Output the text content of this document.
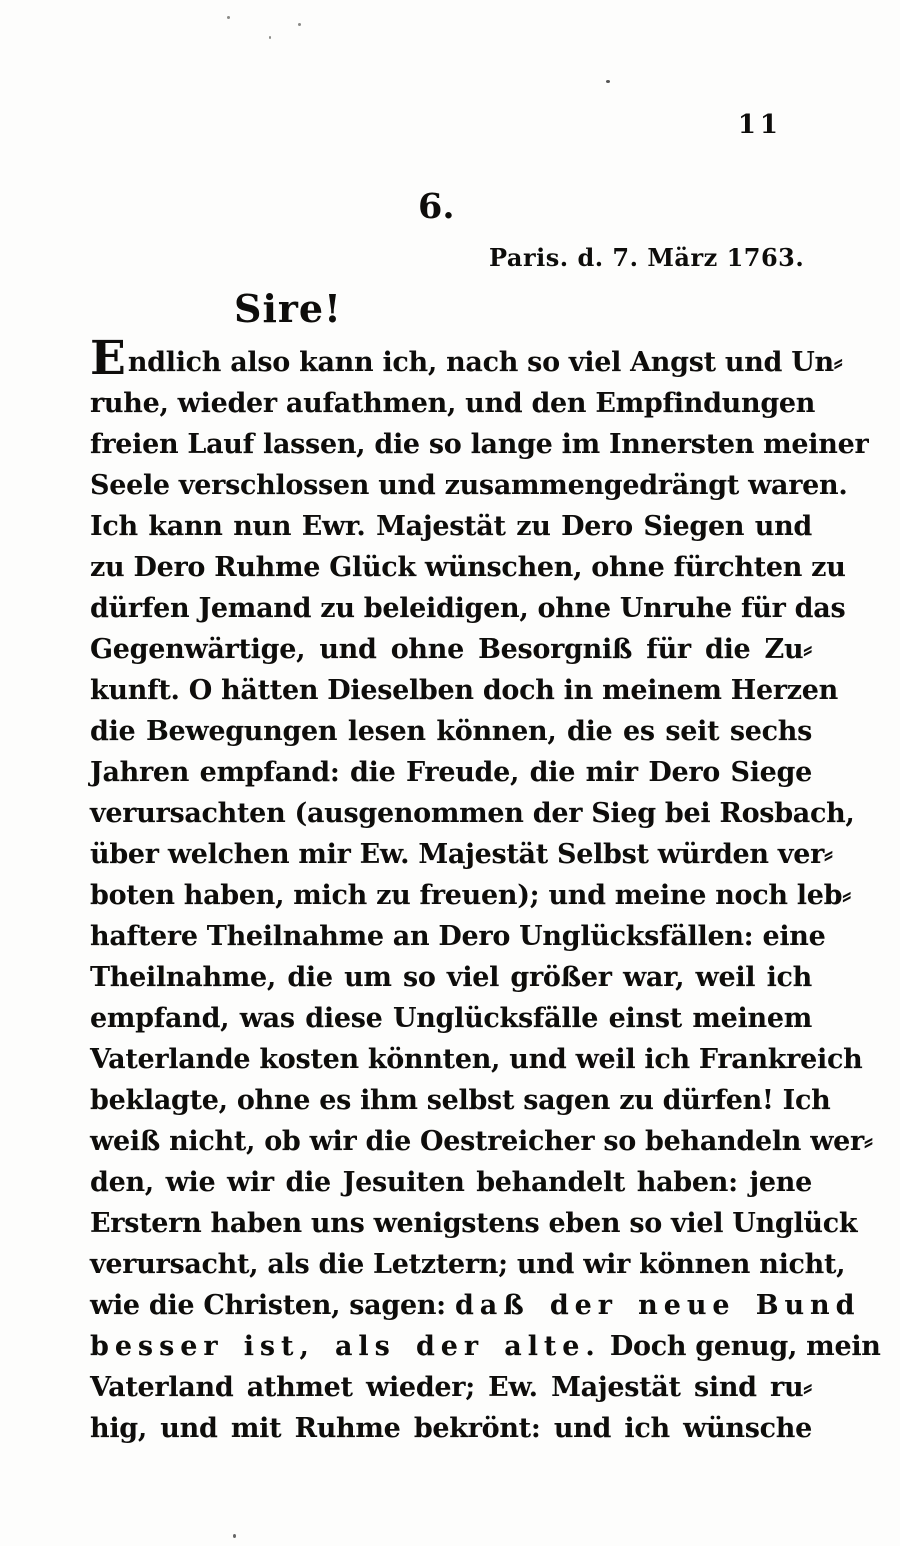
11
6.
Paris. d. 7. März 1763.
Sire!
Endlich also kann ich, nach so viel Angst und Un⸗
ruhe, wieder aufathmen, und den Empfindungen
freien Lauf lassen, die so lange im Innersten meiner
Seele verschlossen und zusammengedrängt waren.
Ich kann nun Ewr. Majestät zu Dero Siegen und
zu Dero Ruhme Glück wünschen, ohne fürchten zu
dürfen Jemand zu beleidigen, ohne Unruhe für das
Gegenwärtige, und ohne Besorgniß für die Zu⸗
kunft. O hätten Dieselben doch in meinem Herzen
die Bewegungen lesen können, die es seit sechs
Jahren empfand: die Freude, die mir Dero Siege
verursachten (ausgenommen der Sieg bei Rosbach,
über welchen mir Ew. Majestät Selbst würden ver⸗
boten haben, mich zu freuen); und meine noch leb⸗
haftere Theilnahme an Dero Unglücksfällen: eine
Theilnahme, die um so viel größer war, weil ich
empfand, was diese Unglücksfälle einst meinem
Vaterlande kosten könnten, und weil ich Frankreich
beklagte, ohne es ihm selbst sagen zu dürfen! Ich
weiß nicht, ob wir die Oestreicher so behandeln wer⸗
den, wie wir die Jesuiten behandelt haben: jene
Erstern haben uns wenigstens eben so viel Unglück
verursacht, als die Letztern; und wir können nicht,
wie die Christen, sagen: daß der neue Bund
besser ist, als der alte. Doch genug, mein
Vaterland athmet wieder; Ew. Majestät sind ru⸗
hig, und mit Ruhme bekrönt: und ich wünsche
